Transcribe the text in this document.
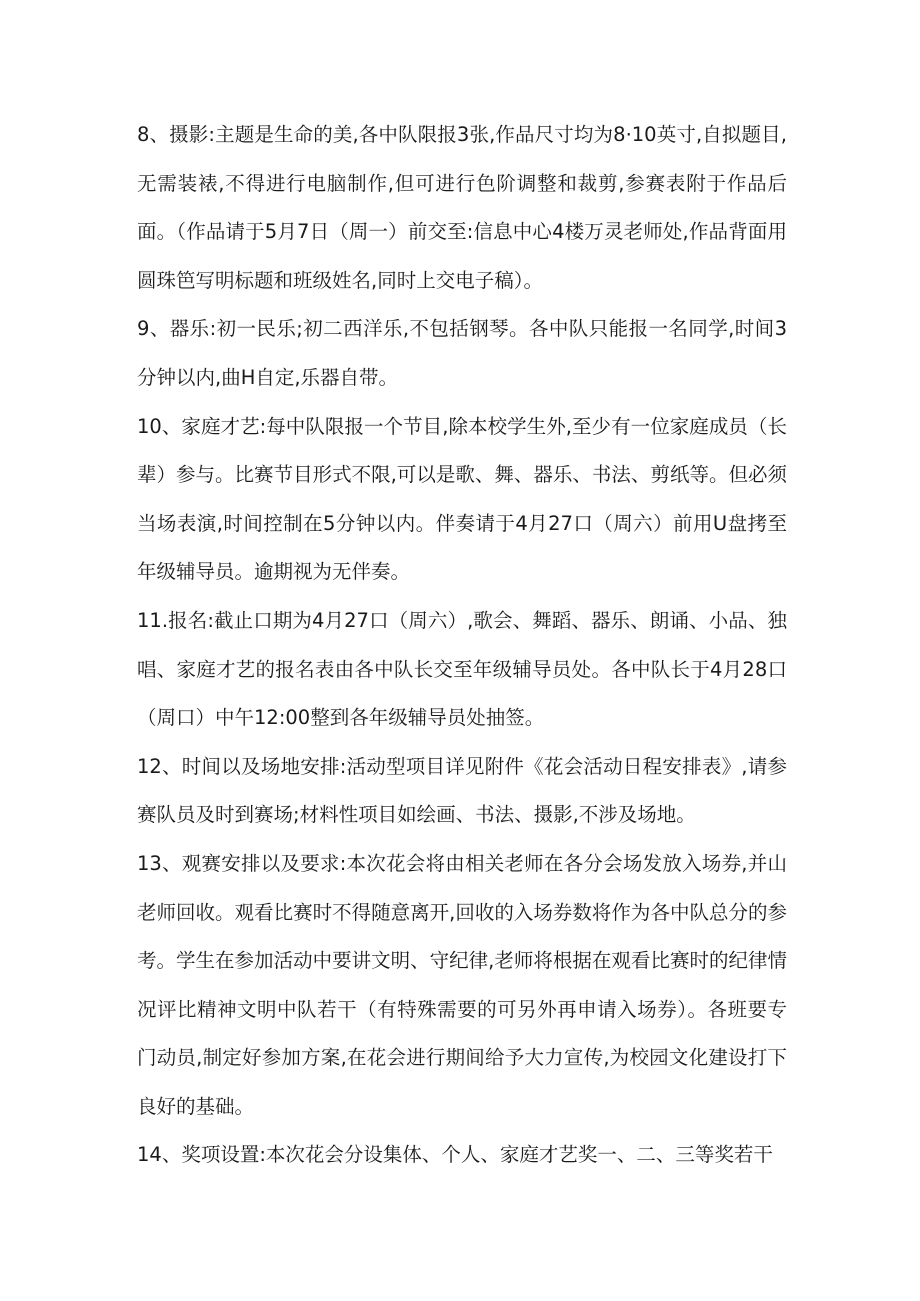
8、摄影:主题是生命的美,各中队限报3张,作品尺寸均为8·10英寸,自拟题目,无需装裱,不得进行电脑制作,但可进行色阶调整和裁剪,参赛表附于作品后面。（作品请于5月7日（周一）前交至:信息中心4楼万灵老师处,作品背面用圆珠笆写明标题和班级姓名,同时上交电子稿）。

9、器乐:初一民乐;初二西洋乐,不包括钢琴。各中队只能报一名同学,时间3分钟以内,曲H自定,乐器自带。

10、家庭才艺:每中队限报一个节目,除本校学生外,至少有一位家庭成员（长辈）参与。比赛节目形式不限,可以是歌、舞、器乐、书法、剪纸等。但必须当场表演,时间控制在5分钟以内。伴奏请于4月27口（周六）前用U盘拷至年级辅导员。逾期视为无伴奏。

11.报名:截止口期为4月27口（周六）,歌会、舞蹈、器乐、朗诵、小品、独唱、家庭才艺的报名表由各中队长交至年级辅导员处。各中队长于4月28口（周口）中午12:00整到各年级辅导员处抽签。

12、时间以及场地安排:活动型项目详见附件《花会活动日程安排表》,请参赛队员及时到赛场;材料性项目如绘画、书法、摄影,不涉及场地。

13、观赛安排以及要求:本次花会将由相关老师在各分会场发放入场券,并山老师回收。观看比赛时不得随意离开,回收的入场券数将作为各中队总分的参考。学生在参加活动中要讲文明、守纪律,老师将根据在观看比赛时的纪律情况评比精神文明中队若干（有特殊需要的可另外再申请入场券）。各班要专门动员,制定好参加方案,在花会进行期间给予大力宣传,为校园文化建设打下良好的基础。

14、奖项设置:本次花会分设集体、个人、家庭才艺奖一、二、三等奖若干
